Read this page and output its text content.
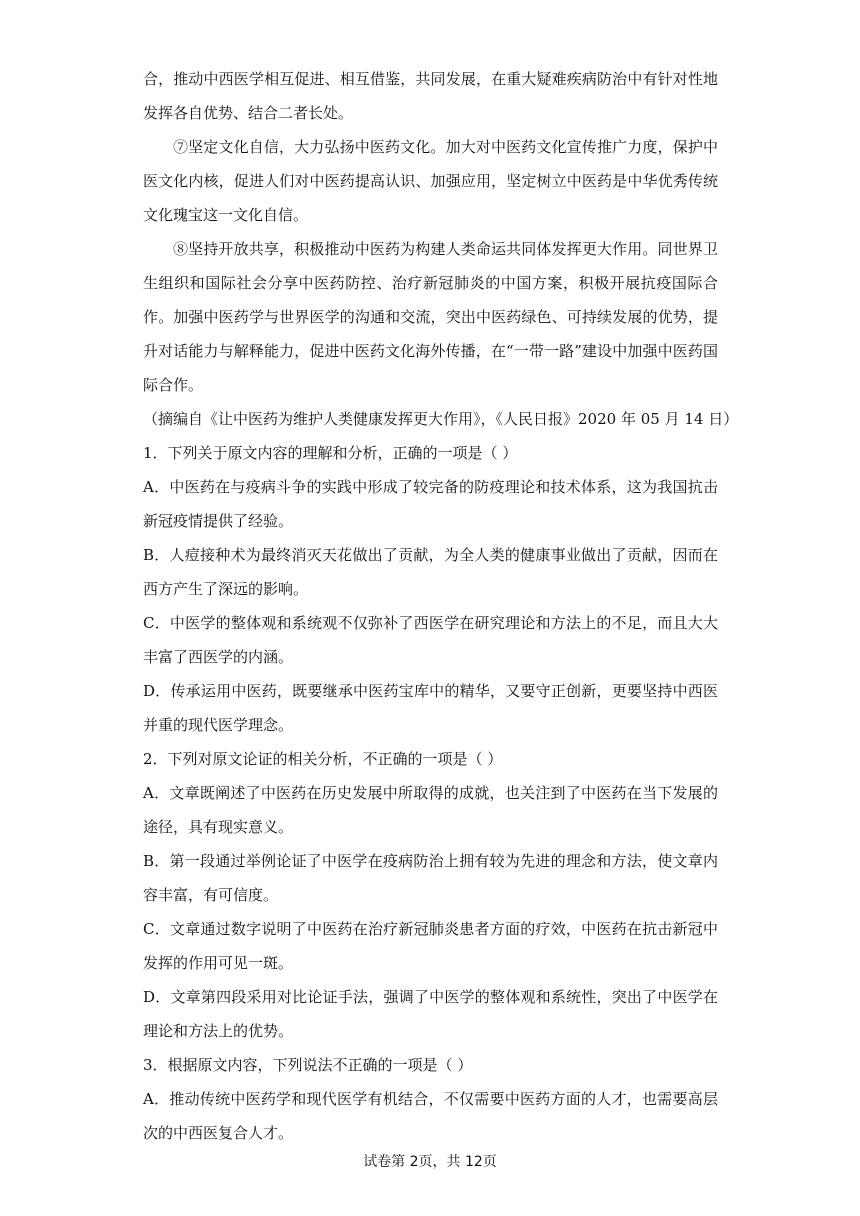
合，推动中西医学相互促进、相互借鉴，共同发展，在重大疑难疾病防治中有针对性地发挥各自优势、结合二者长处。

⑦坚定文化自信，大力弘扬中医药文化。加大对中医药文化宣传推广力度，保护中医文化内核，促进人们对中医药提高认识、加强应用，坚定树立中医药是中华优秀传统文化瑰宝这一文化自信。

⑧坚持开放共享，积极推动中医药为构建人类命运共同体发挥更大作用。同世界卫生组织和国际社会分享中医药防控、治疗新冠肺炎的中国方案，积极开展抗疫国际合作。加强中医药学与世界医学的沟通和交流，突出中医药绿色、可持续发展的优势，提升对话能力与解释能力，促进中医药文化海外传播，在“一带一路”建设中加强中医药国际合作。

（摘编自《让中医药为维护人类健康发挥更大作用》，《人民日报》2020 年 05 月 14 日）

1．下列关于原文内容的理解和分析，正确的一项是（ ）

A．中医药在与疫病斗争的实践中形成了较完备的防疫理论和技术体系，这为我国抗击新冠疫情提供了经验。

B．人痘接种术为最终消灭天花做出了贡献，为全人类的健康事业做出了贡献，因而在西方产生了深远的影响。

C．中医学的整体观和系统观不仅弥补了西医学在研究理论和方法上的不足，而且大大丰富了西医学的内涵。

D．传承运用中医药，既要继承中医药宝库中的精华，又要守正创新，更要坚持中西医并重的现代医学理念。

2．下列对原文论证的相关分析，不正确的一项是（ ）

A．文章既阐述了中医药在历史发展中所取得的成就，也关注到了中医药在当下发展的途径，具有现实意义。

B．第一段通过举例论证了中医学在疫病防治上拥有较为先进的理念和方法，使文章内容丰富，有可信度。

C．文章通过数字说明了中医药在治疗新冠肺炎患者方面的疗效，中医药在抗击新冠中发挥的作用可见一斑。

D．文章第四段采用对比论证手法，强调了中医学的整体观和系统性，突出了中医学在理论和方法上的优势。

3．根据原文内容，下列说法不正确的一项是（ ）

A．推动传统中医药学和现代医学有机结合，不仅需要中医药方面的人才，也需要高层次的中西医复合人才。

试卷第 2页，共 12页
